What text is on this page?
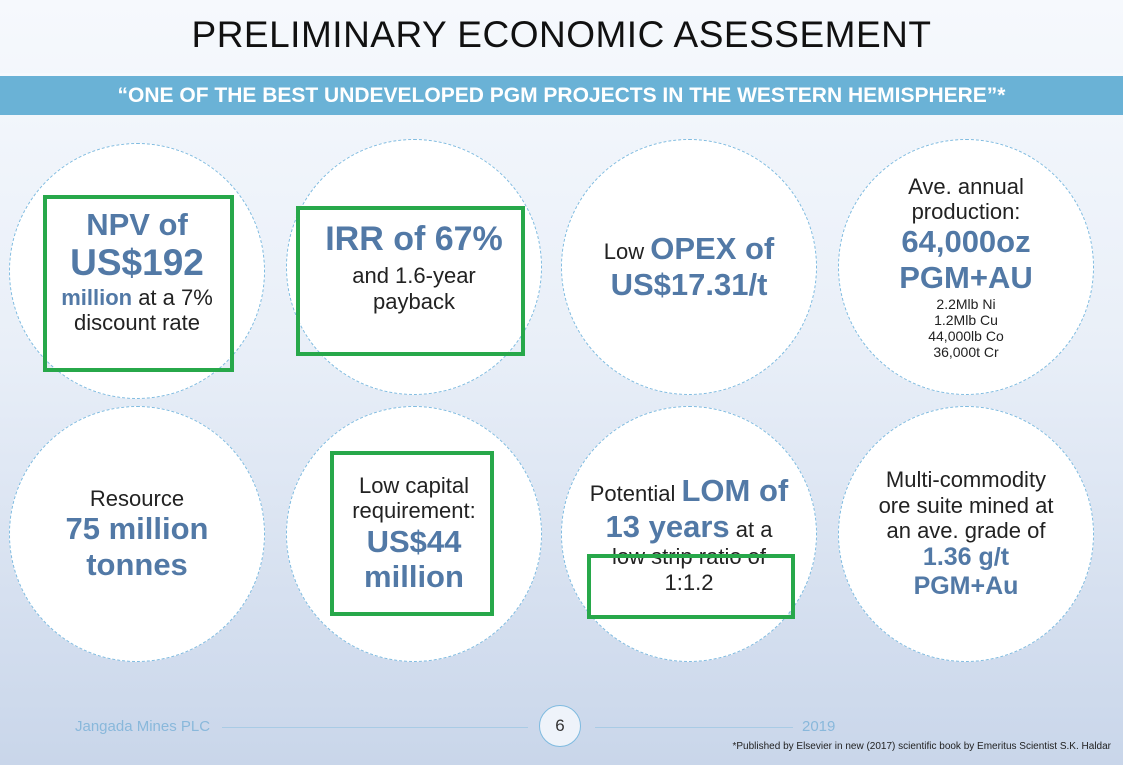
PRELIMINARY ECONOMIC ASESSEMENT
“ONE OF THE BEST UNDEVELOPED PGM PROJECTS IN THE WESTERN HEMISPHERE”*
NPV of
US$192
million at a 7%
discount rate
IRR of 67%
and 1.6-year
payback
Low OPEX of
US$17.31/t
Ave. annual
production:
64,000oz
PGM+AU
2.2Mlb Ni
1.2Mlb Cu
44,000lb Co
36,000t Cr
Resource
75 million
tonnes
Low capital
requirement:
US$44
million
Potential LOM of
13 years at a
low strip ratio of
1:1.2
Multi-commodity
ore suite mined at
an ave. grade of
1.36 g/t
PGM+Au
Jangada Mines PLC	6	2019
*Published by Elsevier in new (2017) scientific book by Emeritus Scientist S.K. Haldar
